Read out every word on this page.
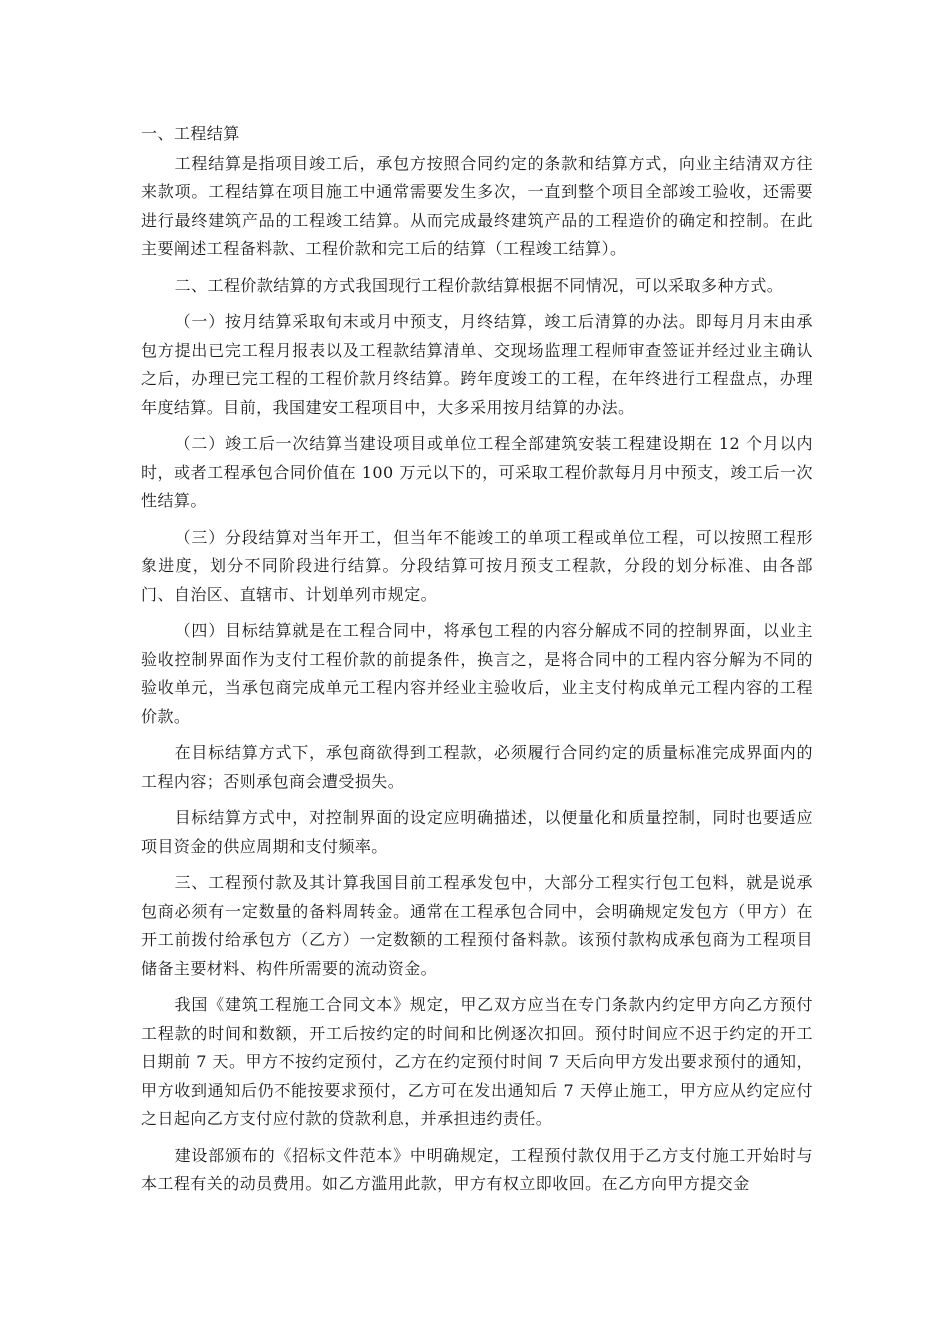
一、工程结算

工程结算是指项目竣工后，承包方按照合同约定的条款和结算方式，向业主结清双方往来款项。工程结算在项目施工中通常需要发生多次，一直到整个项目全部竣工验收，还需要进行最终建筑产品的工程竣工结算。从而完成最终建筑产品的工程造价的确定和控制。在此主要阐述工程备料款、工程价款和完工后的结算（工程竣工结算）。

二、工程价款结算的方式我国现行工程价款结算根据不同情况，可以采取多种方式。

（一）按月结算采取旬末或月中预支，月终结算，竣工后清算的办法。即每月月末由承包方提出已完工程月报表以及工程款结算清单、交现场监理工程师审查签证并经过业主确认之后，办理已完工程的工程价款月终结算。跨年度竣工的工程，在年终进行工程盘点，办理年度结算。目前，我国建安工程项目中，大多采用按月结算的办法。

（二）竣工后一次结算当建设项目或单位工程全部建筑安装工程建设期在 12 个月以内时，或者工程承包合同价值在 100 万元以下的，可采取工程价款每月月中预支，竣工后一次性结算。

（三）分段结算对当年开工，但当年不能竣工的单项工程或单位工程，可以按照工程形象进度，划分不同阶段进行结算。分段结算可按月预支工程款，分段的划分标准、由各部门、自治区、直辖市、计划单列市规定。

（四）目标结算就是在工程合同中，将承包工程的内容分解成不同的控制界面，以业主验收控制界面作为支付工程价款的前提条件，换言之，是将合同中的工程内容分解为不同的验收单元，当承包商完成单元工程内容并经业主验收后，业主支付构成单元工程内容的工程价款。

在目标结算方式下，承包商欲得到工程款，必须履行合同约定的质量标准完成界面内的工程内容；否则承包商会遭受损失。

目标结算方式中，对控制界面的设定应明确描述，以便量化和质量控制，同时也要适应项目资金的供应周期和支付频率。

三、工程预付款及其计算我国目前工程承发包中，大部分工程实行包工包料，就是说承包商必须有一定数量的备料周转金。通常在工程承包合同中，会明确规定发包方（甲方）在开工前拨付给承包方（乙方）一定数额的工程预付备料款。该预付款构成承包商为工程项目储备主要材料、构件所需要的流动资金。

我国《建筑工程施工合同文本》规定，甲乙双方应当在专门条款内约定甲方向乙方预付工程款的时间和数额，开工后按约定的时间和比例逐次扣回。预付时间应不迟于约定的开工日期前 7 天。甲方不按约定预付，乙方在约定预付时间 7 天后向甲方发出要求预付的通知，甲方收到通知后仍不能按要求预付，乙方可在发出通知后 7 天停止施工，甲方应从约定应付之日起向乙方支付应付款的贷款利息，并承担违约责任。

建设部颁布的《招标文件范本》中明确规定，工程预付款仅用于乙方支付施工开始时与本工程有关的动员费用。如乙方滥用此款，甲方有权立即收回。在乙方向甲方提交金
